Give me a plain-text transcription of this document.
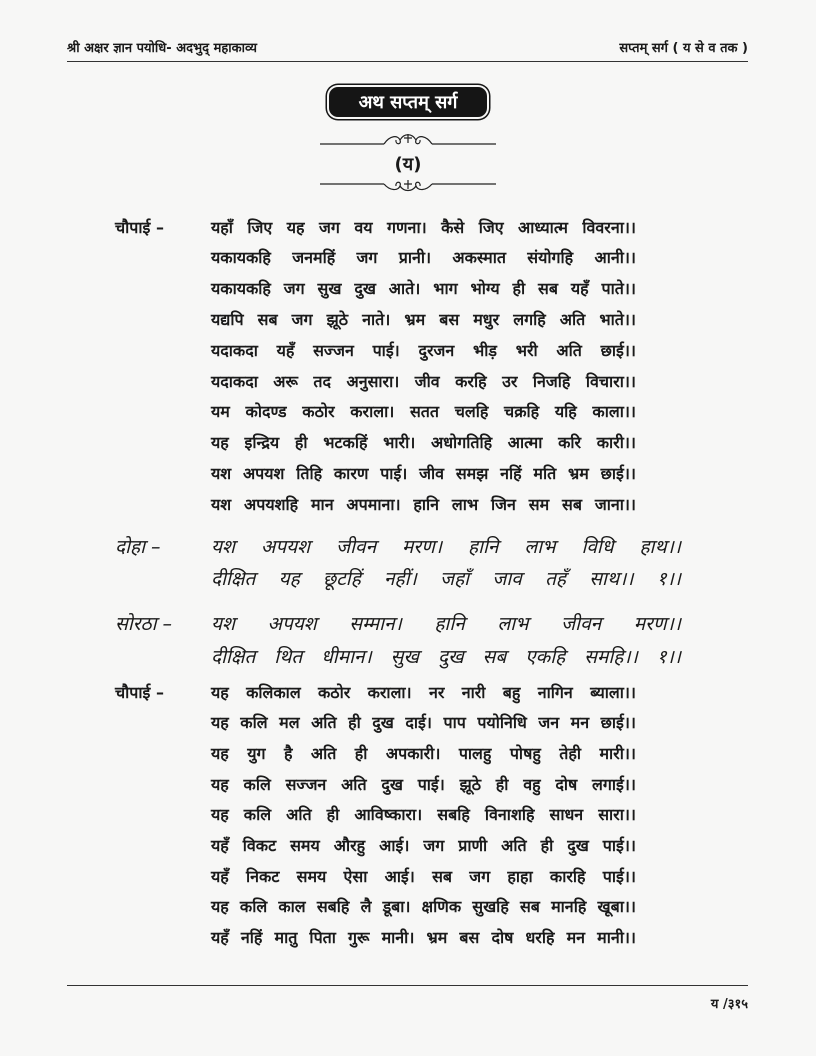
श्री अक्षर ज्ञान पयोधि- अदभुद् महाकाव्य	सप्तम् सर्ग ( य से व तक )
अथ सप्तम् सर्ग
(य)
चौपाई –	यहाँ जिए यह जग वय गणना। कैसे जिए आध्यात्म विवरना।।
यकायकहि जनमहिं जग प्रानी। अकस्मात संयोगहि आनी।।
यकायकहि जग सुख दुख आते। भाग भोग्य ही सब यहँ पाते।।
यद्यपि सब जग झूठे नाते। भ्रम बस मधुर लगहि अति भाते।।
यदाकदा यहँ सज्जन पाई। दुरजन भीड़ भरी अति छाई।।
यदाकदा अरू तद अनुसारा। जीव करहि उर निजहि विचारा।।
यम कोदण्ड कठोर कराला। सतत चलहि चक्रहि यहि काला।।
यह इन्द्रिय ही भटकहिं भारी। अधोगतिहि आत्मा करि कारी।।
यश अपयश तिहि कारण पाई। जीव समझ नहिं मति भ्रम छाई।।
यश अपयशहि मान अपमाना। हानि लाभ जिन सम सब जाना।।
दोहा –	यश अपयश जीवन मरण। हानि लाभ विधि हाथ।।
दीक्षित यह छूटहिं नहीं। जहाँ जाव तहँ साथ।। १।।
सोरठा – यश अपयश सम्मान। हानि लाभ जीवन मरण।।
दीक्षित थित धीमान। सुख दुख सब एकहि समहि।। १।।
चौपाई –	यह कलिकाल कठोर कराला। नर नारी बहु नागिन ब्याला।।
यह कलि मल अति ही दुख दाई। पाप पयोनिधि जन मन छाई।।
यह युग है अति ही अपकारी। पालहु पोषहु तेही मारी।।
यह कलि सज्जन अति दुख पाई। झूठे ही वहु दोष लगाई।।
यह कलि अति ही आविष्कारा। सबहि विनाशहि साधन सारा।।
यहँ विकट समय औरहु आई। जग प्राणी अति ही दुख पाई।।
यहँ निकट समय ऐसा आई। सब जग हाहा कारहि पाई।।
यह कलि काल सबहि लै डूबा। क्षणिक सुखहि सब मानहि खूबा।।
यहँ नहिं मातु पिता गुरू मानी। भ्रम बस दोष धरहि मन मानी।।
य /३१५
